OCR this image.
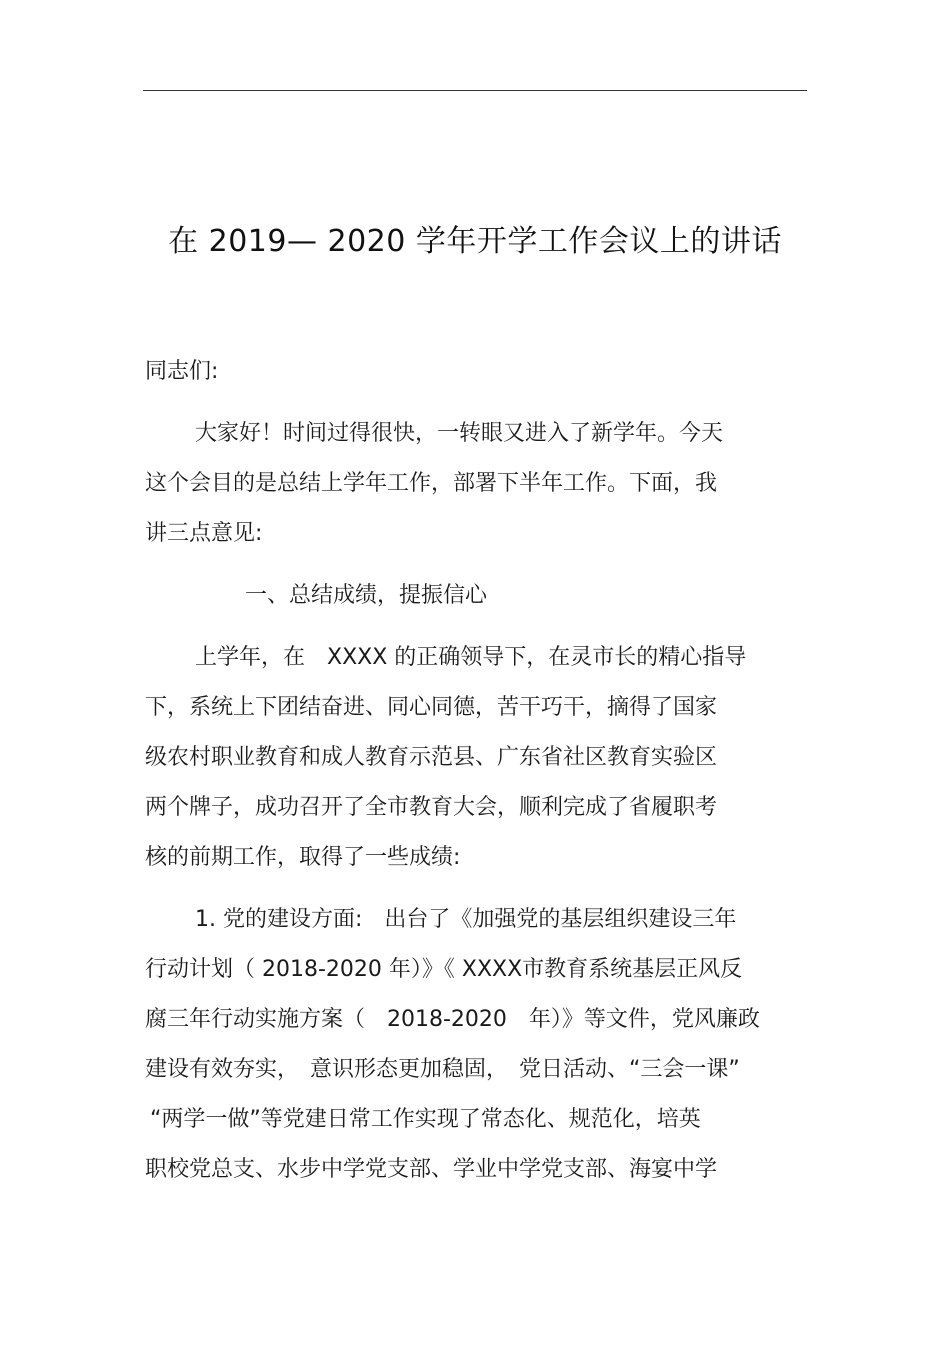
在 2019— 2020 学年开学工作会议上的讲话
同志们:
大家好！时间过得很快，一转眼又进入了新学年。今天
这个会目的是总结上学年工作，部署下半年工作。下面，我
讲三点意见:
一、总结成绩，提振信心
上学年，在　XXXX 的正确领导下，在灵市长的精心指导
下，系统上下团结奋进、同心同德，苦干巧干，摘得了国家
级农村职业教育和成人教育示范县、广东省社区教育实验区
两个牌子，成功召开了全市教育大会，顺利完成了省履职考
核的前期工作，取得了一些成绩:
1. 党的建设方面:　出台了《加强党的基层组织建设三年
行动计划（ 2018-2020 年）》《 XXXX市教育系统基层正风反
腐三年行动实施方案（　2018-2020　年）》等文件，党风廉政
建设有效夯实，　意识形态更加稳固，　党日活动、“三会一课”
“两学一做”等党建日常工作实现了常态化、规范化，培英
职校党总支、水步中学党支部、学业中学党支部、海宴中学
